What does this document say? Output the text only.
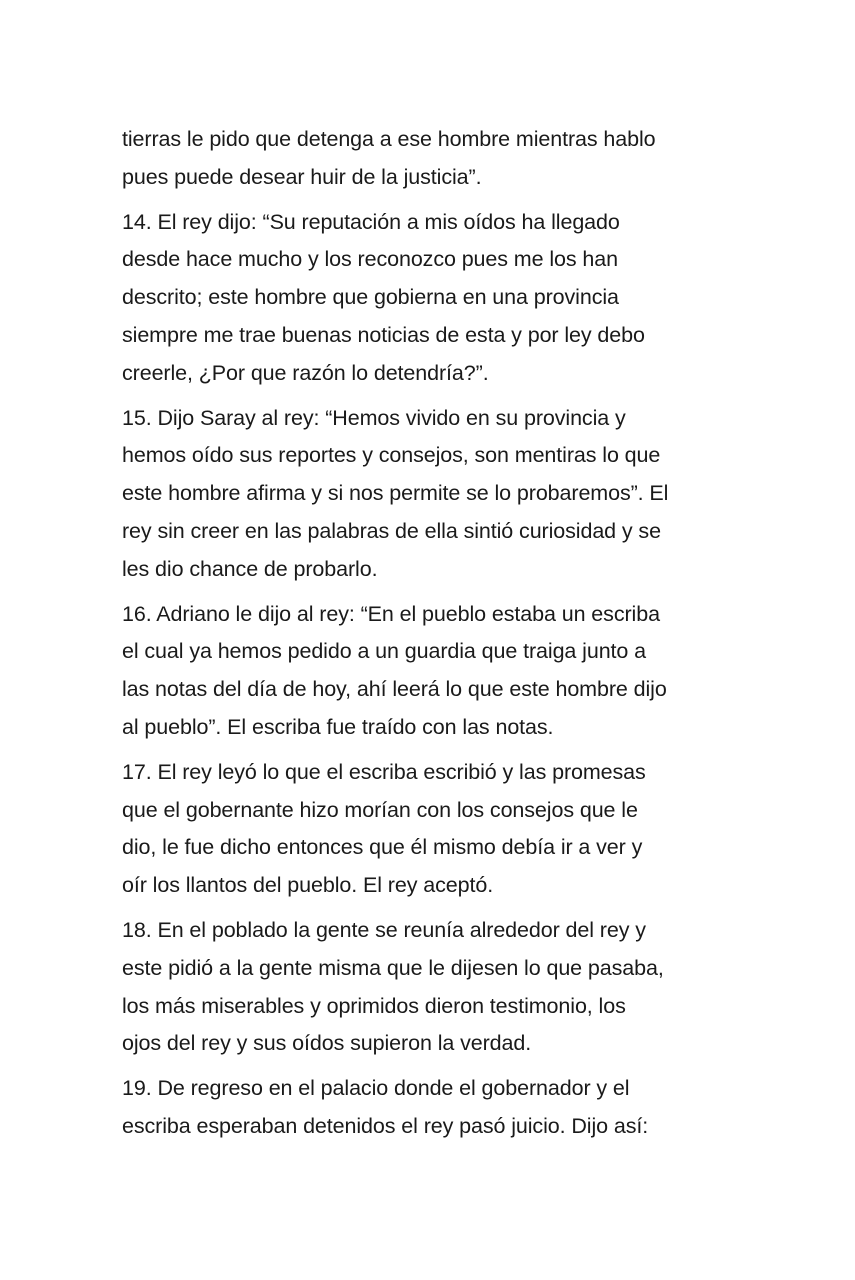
tierras le pido que detenga a ese hombre mientras hablo
pues puede desear huir de la justicia”.

14. El rey dijo: “Su reputación a mis oídos ha llegado
desde hace mucho y los reconozco pues me los han
descrito; este hombre que gobierna en una provincia
siempre me trae buenas noticias de esta y por ley debo
creerle, ¿Por que razón lo detendría?”.

15. Dijo Saray al rey: “Hemos vivido en su provincia y
hemos oído sus reportes y consejos, son mentiras lo que
este hombre afirma y si nos permite se lo probaremos”. El
rey sin creer en las palabras de ella sintió curiosidad y se
les dio chance de probarlo.

16. Adriano le dijo al rey: “En el pueblo estaba un escriba
el cual ya hemos pedido a un guardia que traiga junto a
las notas del día de hoy, ahí leerá lo que este hombre dijo
al pueblo”. El escriba fue traído con las notas.

17. El rey leyó lo que el escriba escribió y las promesas
que el gobernante hizo morían con los consejos que le
dio, le fue dicho entonces que él mismo debía ir a ver y
oír los llantos del pueblo. El rey aceptó.

18. En el poblado la gente se reunía alrededor del rey y
este pidió a la gente misma que le dijesen lo que pasaba,
los más miserables y oprimidos dieron testimonio, los
ojos del rey y sus oídos supieron la verdad.

19. De regreso en el palacio donde el gobernador y el
escriba esperaban detenidos el rey pasó juicio. Dijo así:
